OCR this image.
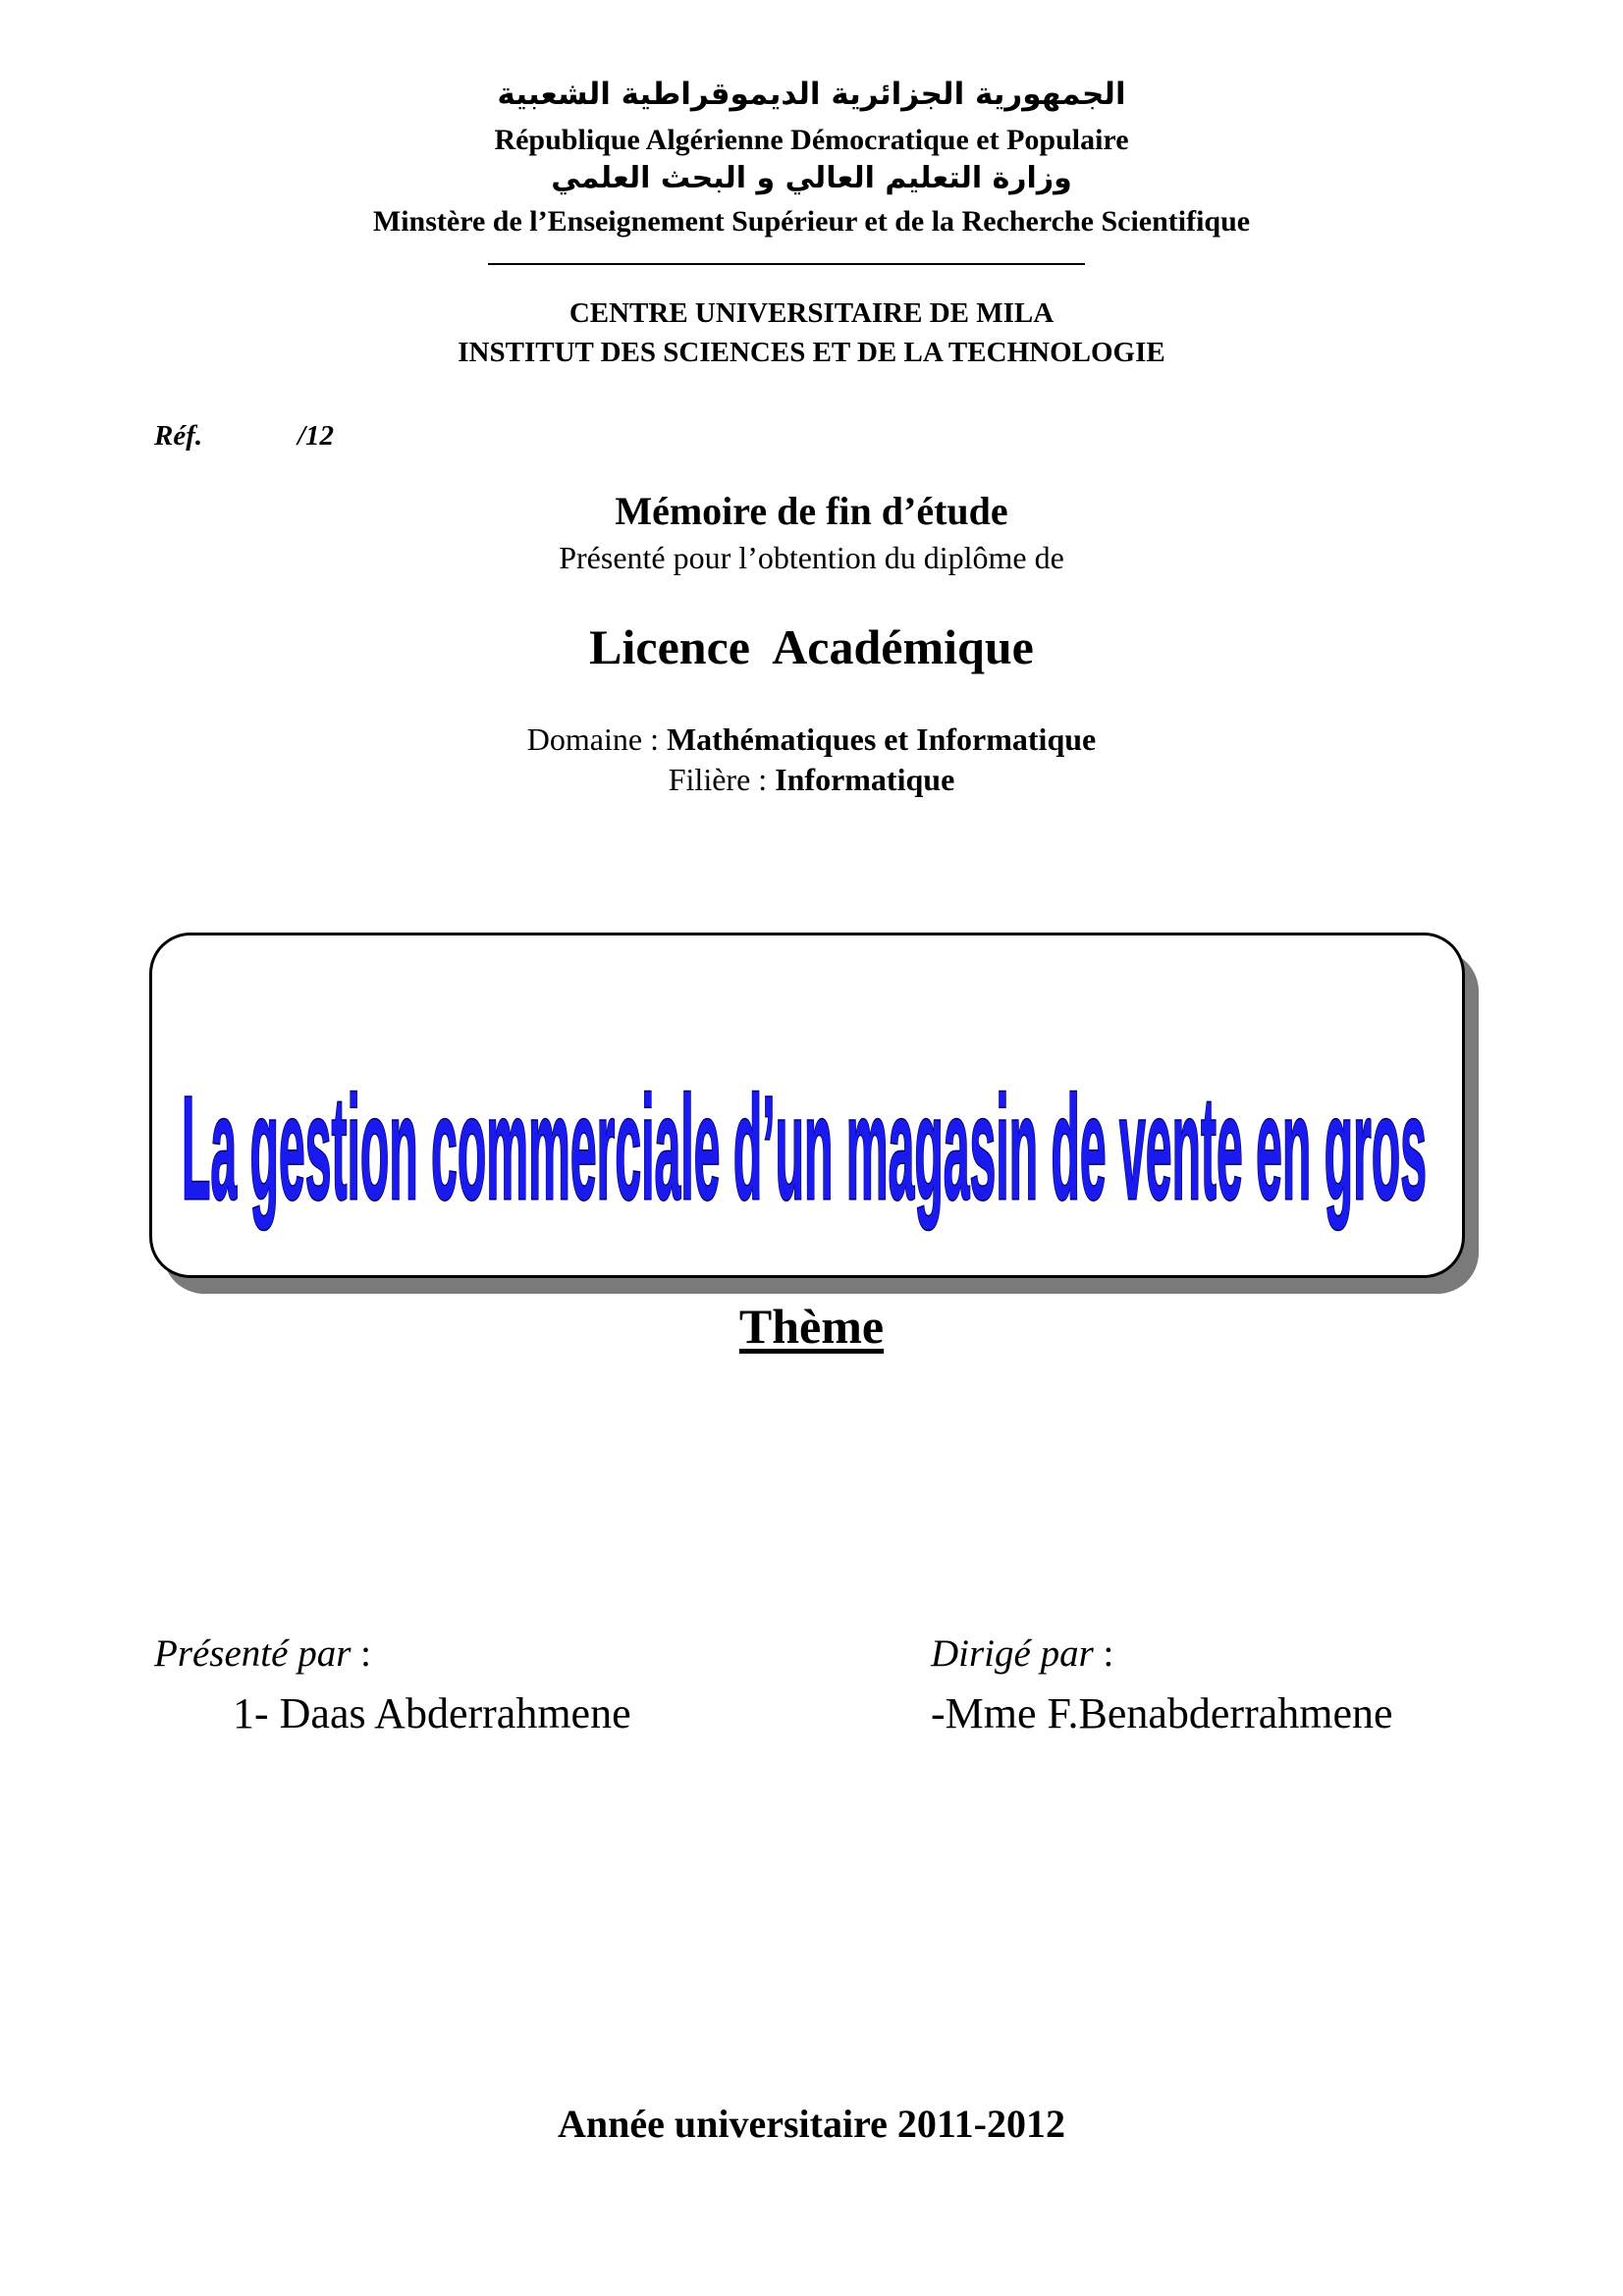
الجمهورية الجزائرية الديموقراطية الشعبية
République Algérienne Démocratique et Populaire
وزارة التعليم العالي و البحث العلمي
Minstère de l’Enseignement Supérieur et de la Recherche Scientifique
CENTRE UNIVERSITAIRE DE MILA
INSTITUT DES SCIENCES ET DE LA TECHNOLOGIE
Réf.	/12
Mémoire de fin d’étude
Présenté pour l’obtention du diplôme de
Licence  Académique
Domaine : Mathématiques et Informatique
Filière : Informatique
La gestion commerciale d’un magasin de vente en gros
Thème
Présenté par :
1- Daas Abderrahmene
Dirigé par :
-Mme F.Benabderrahmene
Année universitaire 2011-2012
